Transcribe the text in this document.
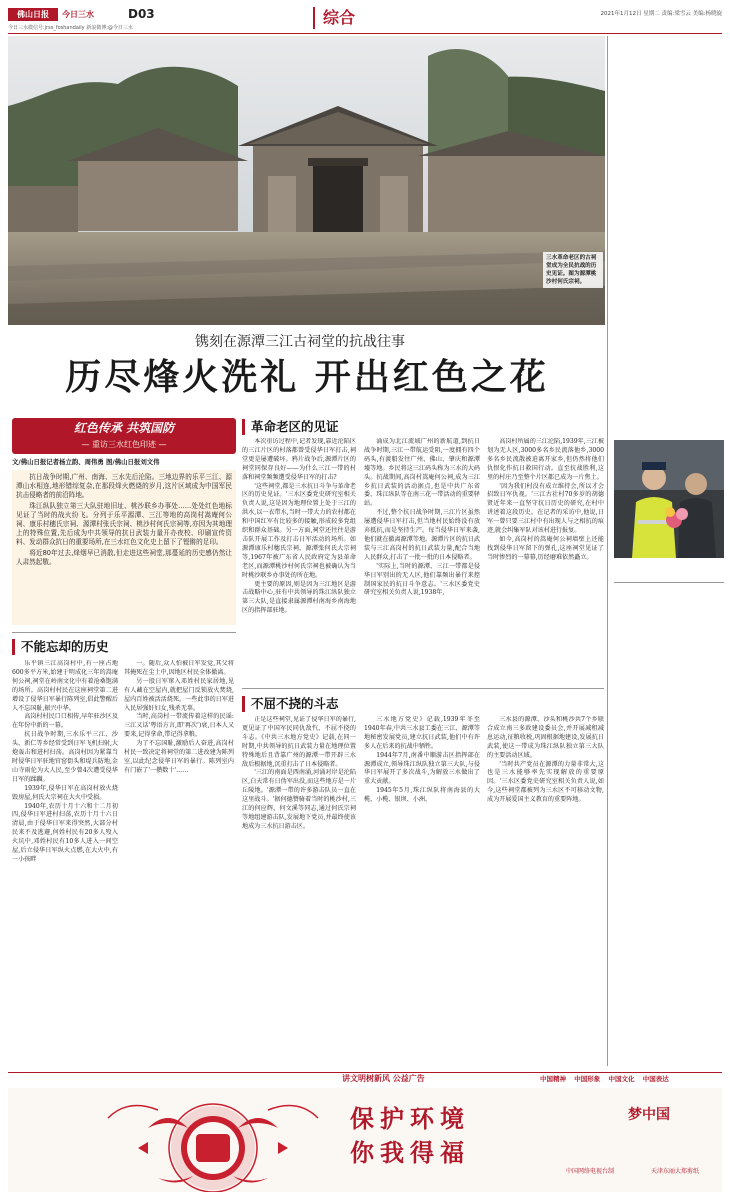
佛山日报	今日三水	D03
今日三水微信号:jrss_foshandaily 新浪微博:@今日三水
综合	2021年1月12日 星期二 责编:梁雪云 美编:杨晓旋
三水革命老区的古祠堂成为全民抗战的历史见证。图为源潭桃沙村何氏宗祠。
镌刻在源潭三江古祠堂的抗战往事
历尽烽火洗礼 开出红色之花
红色传承 共筑国防
— 重访三水红色印迹 —
文/佛山日报记者杨立韵、周伟勇 图/佛山日报刘文伟

抗日战争时期,广州、南海、三水先后沦陷。三地边界的乐平三江、源潭山水相连,地形错综复杂,在那段烽火燃烧的岁月,这片区域成为中国军民抗击侵略者的前沿阵地。

珠江纵队独立第三大队驻地旧址、桃沙联乡办事处……处处红色地标见证了当时的战火纷飞。分列于乐平源潭、三江等地的高岗村嵩庵何公祠、康乐村穗氏宗祠、源潭村张氏宗祠、桃沙村何氏宗祠等,亦因为其地理上的特殊位置,先后成为中共领导的抗日武装力量开办夜校、印刷宣传资料、发动群众抗日的重要场所,在三水红色文化史上留下了铿锵的足印。

将近80年过去,烽烟早已消散,但走进这些祠堂,那蔓延的历史感仍然让人肃然起敬。

革命老区的见证
不能忘却的历史
不屈不挠的斗志

乐平镇三江高岗村中,有一座占地600多平方米,始建于明成化三年的嵩庵何公祠,祠堂在岭南文化中有着沧桑饱满的场所。高岗村村民在这座祠堂第二进增设了侵华日军暴行陈列室,倡此警醒后人不忘国耻,振兴中华。

高岗村村民口口相传,早年驻沙区及在年份中新的一幕。

抗日战争时期,三水乐平三江、沙头、新仁等乡经常受到日军飞机扫射,大炮轰击和进村扫荡。高岗村因为紧靠当时侵华日军驻地官窑街头和堤兵防地,金山寺雨伦为大人民,至少曾4次遭受侵华日军的蹂躏。

1939年,侵华日军在高岗村放火烧毁房屋,何氏大宗祠在大火中受损。

1940年,农历十月十六和十二月初四,侵华日军进村扫荡,农历十月十六日清晨,由于侵华日军来得突然,大部分村民来不及逃避,何姓村民有20多人殁入火坑中,邓姓村民有10多人进入一间空屋,后立侵华日军纵火点燃,在大火中,有一小孩畔

一。随后,众人怕被日军发觉,其父将其掩死在尘土中,因地区村民全体撤离。

另一股日军窜入邓姓村民家居地,见有人藏在空屋内,就把屋门反锁放火焚烧,屋内百姓被活活烧死。一些此事的日军进入民居强奸妇女,残杀无辜。

当时,高岗村一带流传着这样的民谣:三江又话'粤语方言,即'再次')衰,日本人又要来,记得拿命,带记得拿粮。

为了不忘国耻,激励后人奋进,高岗村村民一致决定将祠堂的第二进改建为陈列室,以此纪念侵华日军的暴行。陈列室内有门嵌了'一攒数十'……

本次重访过程中,记者发现,靠近沦陷区的三江片区的村落都曾受侵华日军打击,祠堂更是屡遭破坏。鸦片战争后,源潭片区的祠堂同保存良好——为什么三江一带的村落和祠堂频频遭受侵华日军的打击?

'这些祠堂,都是三水抗日斗争与革命老区的历史见证。'三水区委党史研究室相关负责人说,这是因为地理位置上处于三江的洪水,以一衣带水,当时一带大力的农村都在和中国红军有比较多的接触,形成较多党组织和群众基础。另一方面,祠堂还往往是游击队开展工作及打击日军活动的场所。如源潭康乐村穗氏宗祠、源潭张何氏大宗祠等,1967年被广东省人民政府定为县革命老区,而源潭桃沙村何氏宗祠也被确认为当时桃沙联乡办事处的所在地。

更主要的原因,则是因为三江地区是游击战略中心,驻有中共领导的珠江纵队独立第三大队,是直接隶属源潭村南海乡南海地区的指挥部驻地。

涌成为北江流域广州的新航道,到抗日战争时期,三江一带航运受阻,一度拥有四个码头,有渡船发往广州、佛山、肇庆和源潭墟等地。乡民将这三江码头称为三水的大码头。抗战期间,高岗村嵩庵何公祠,成为三江乡抗日武装的活动据点,也是中共广东省委、珠江纵队等在南三花一带活动的重要驿站。

不过,整个抗日战争时期,三江片区虽然屡遭侵华日军打击,但当地村民始终没有放弃抵抗,而是坚持生产。每当侵华日军来袭,他们就在撤离源潭等地。源潭片区的抗日武装与三江高岗村的抗日武装力量,配合当地人民群众,打击了一批一批的日本侵略者。

'实际上,当时的源潭、三江一带都是侵华日军别出的无人区,他们靠频出暴行来控制国家民的抗日斗争意志。'三水区委党史研究室相关负责人说,1938年,

高岗村所属的三江沦陷,1939年,三江被划为无人区,3000多名乡民流落他乡,3000多名乡民流散被迫离开家乡,但仍然将他们仇恨化作抗日救国行动。直至抗战胜利,这里的村庄乃至整个片区都已成为一片焦土。

'因为我们村没有成立维持会,所以才会招致日军仇视。'三江古社村70多岁的胡德贤近年来一直坚守抗日历史的研究,在村中讲述着这段历史。在记者的采访中,他说,日军一曾只要三江村中有出现人与之相抗的痕迹,就会纠集军队对该村进行报复。

如今,高岗村的嵩庵何公祠墙壁上还能找到侵华日军留下的弹孔,这座祠堂见证了当时惨烈的一幕幕,历经磨难依然矗立。

正是这些祠堂,见证了侵华日军的暴行,更见证了中国军民同仇敌忾、不屈不挠的斗志。《中共三水地方党史》记载,在同一时期,中共领导的抗日武装力量在地理位置特殊地后且背靠广州的源潭一带开辟三水敌后根据地,沉重打击了日本侵略者。

'三江的南面是西南涌,河涌对岸是沦陷区,白天常有日伪军出没,而这些地方是一片丘陵地。'源潭一带的许多游击队员一直在这里战斗。'据何德赞骑着当时的桃沙村,三江的何应辉、何文溪等同志,通过何氏宗祠等地组建游击队,发展地下党员,并最终使该地成为三水抗日游击区。

三水地方党史》记载,1939年冬至1940年春,中共三水县工委在三江、源潭等地秘密发展党员,建立抗日武装,他们中有许多人在后来的抗战中牺牲。

1944年7月,南番中顺游击区指挥部在源潭成立,领导珠江纵队独立第三大队,与侵华日军展开了多次战斗,为解放三水做出了重大贡献。

1945年5月,珠江纵队将南海县的大榄、小榄、银坝、小洲、

三水县的源潭、沙头和桃沙共7个乡联合成立南三多政建设委员会,并开展减租减息运动,征粮收税,巩固根据地建设,发展抗日武装,使这一带成为珠江纵队独立第三大队的主要活动区域。

'当时共产党员在源潭的力量非常大,这也是三水能够率先实现解放的重要原因。'三水区委党史研究室相关负责人说,如今,这些祠堂都被列为三水区不可移动文物,成为开展爱国主义教育的重要阵地。

讲文明树新风 公益广告	中国精神 中国形象 中国文化 中国表达
保护环境
你我得福
梦中国
中国网络电视台制	天津东丽大郑剪纸
